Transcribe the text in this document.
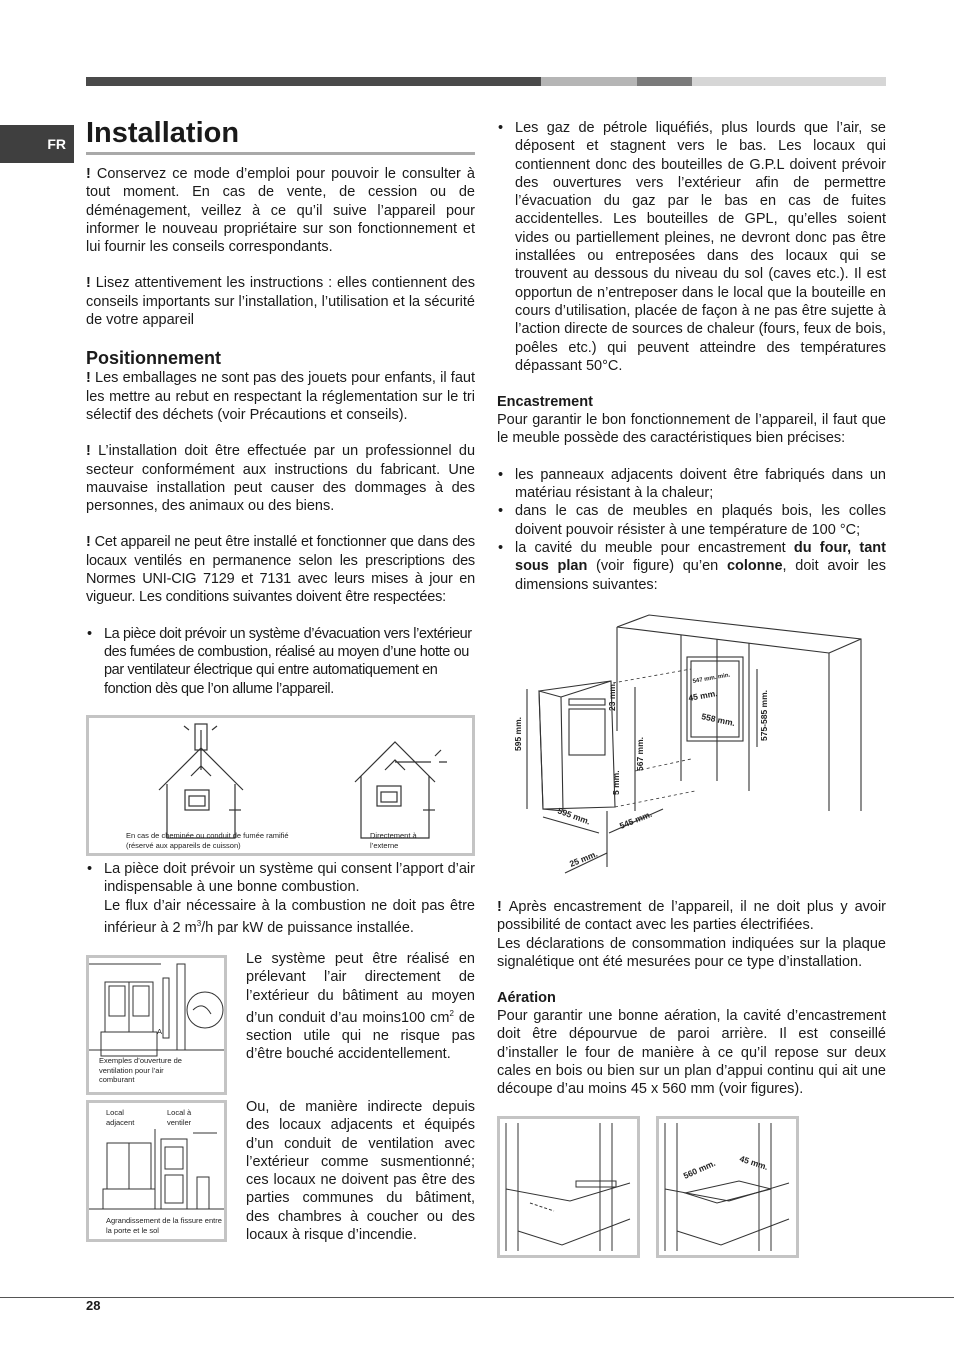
FR Installation

! Conservez ce mode d’emploi pour pouvoir le consulter à tout moment. En cas de vente, de cession ou de déménagement, veillez à ce qu’il suive l’appareil pour informer le nouveau propriétaire sur son fonctionnement et lui fournir les conseils correspondants.

! Lisez attentivement les instructions : elles contiennent des conseils importants sur l’installation, l’utilisation et la sécurité de votre appareil

Positionnement

! Les emballages ne sont pas des jouets pour enfants, il faut les mettre au rebut en respectant la réglementation sur le tri sélectif des déchets (voir Précautions et conseils).

! L’installation doit être effectuée par un professionnel du secteur conformément aux instructions du fabricant. Une mauvaise installation peut causer des dommages à des personnes, des animaux ou des biens.

! Cet appareil ne peut être installé et fonctionner que dans des locaux ventilés en permanence selon les prescriptions des Normes UNI-CIG 7129 et 7131 avec leurs mises à jour en vigueur. Les conditions suivantes doivent être respectées:

• La pièce doit prévoir un système d’évacuation vers l’extérieur des fumées de combustion, réalisé au moyen d’une hotte ou par ventilateur électrique qui entre automatiquement en fonction dès que l’on allume l’appareil.

En cas de cheminée ou conduit de fumée ramifié (réservé aux appareils de cuisson)
Directement à l’externe

• La pièce doit prévoir un système qui consent l’apport d’air indispensable à une bonne combustion.

Le flux d’air nécessaire à la combustion ne doit pas être inférieur à 2 $m^3/h$ par kW de puissance installée.

A
Exemples d’ouverture de ventilation pour l’air comburant

Le système peut être réalisé en prélevant l’air directement de l’extérieur du bâtiment au moyen d’un conduit d’au moins100 $cm^2$ de section utile qui ne risque pas d’être bouché accidentellement.

Local adjacent
Local à ventiler
Agrandissement de la fissure entre la porte et le sol

Ou, de manière indirecte depuis des locaux adjacents et équipés d’un conduit de ventilation avec l’extérieur comme susmentionné; ces locaux ne doivent pas être des parties communes du bâtiment, des chambres à coucher ou des locaux à risque d’incendie.

• Les gaz de pétrole liquéfiés, plus lourds que l’air, se déposent et stagnent vers le bas. Les locaux qui contiennent donc des bouteilles de G.P.L doivent prévoir des ouvertures vers l’extérieur afin de permettre l’évacuation du gaz par le bas en cas de fuites accidentelles. Les bouteilles de GPL, qu’elles soient vides ou partiellement pleines, ne devront donc pas être installées ou entreposées dans des locaux qui se trouvent au dessous du niveau du sol (caves etc.). Il est opportun de n’entreposer dans le local que la bouteille en cours d’utilisation, placée de façon à ne pas être sujette à l’action directe de sources de chaleur (fours, feux de bois, poêles etc.) qui peuvent atteindre des températures dépassant 50°C.

Encastrement

Pour garantir le bon fonctionnement de l’appareil, il faut que le meuble possède des caractéristiques bien précises:

• les panneaux adjacents doivent être fabriqués dans un matériau résistant à la chaleur;

• dans le cas de meubles en plaqués bois, les colles doivent pouvoir résister à une température de 100 °C;

• la cavité du meuble pour encastrement du four, tant sous plan (voir figure) qu’en colonne, doit avoir les dimensions suivantes:

595 mm.
23 mm.
567 mm.
5 mm.
595 mm.	545 mm.
25 mm.
45 mm.
547 mm. min.
558 mm.	575-585 mm.

! Après encastrement de l’appareil, il ne doit plus y avoir possibilité de contact avec les parties électrifiées.

Les déclarations de consommation indiquées sur la plaque signalétique ont été mesurées pour ce type d’installation.

Aération

Pour garantir une bonne aération, la cavité d’encastrement doit être dépourvue de paroi arrière. Il est conseillé d’installer le four de manière à ce qu’il repose sur deux cales en bois ou bien sur un plan d’appui continu qui ait une découpe d’au moins 45 x 560 mm (voir figures).

560 mm.	45 mm.
28
